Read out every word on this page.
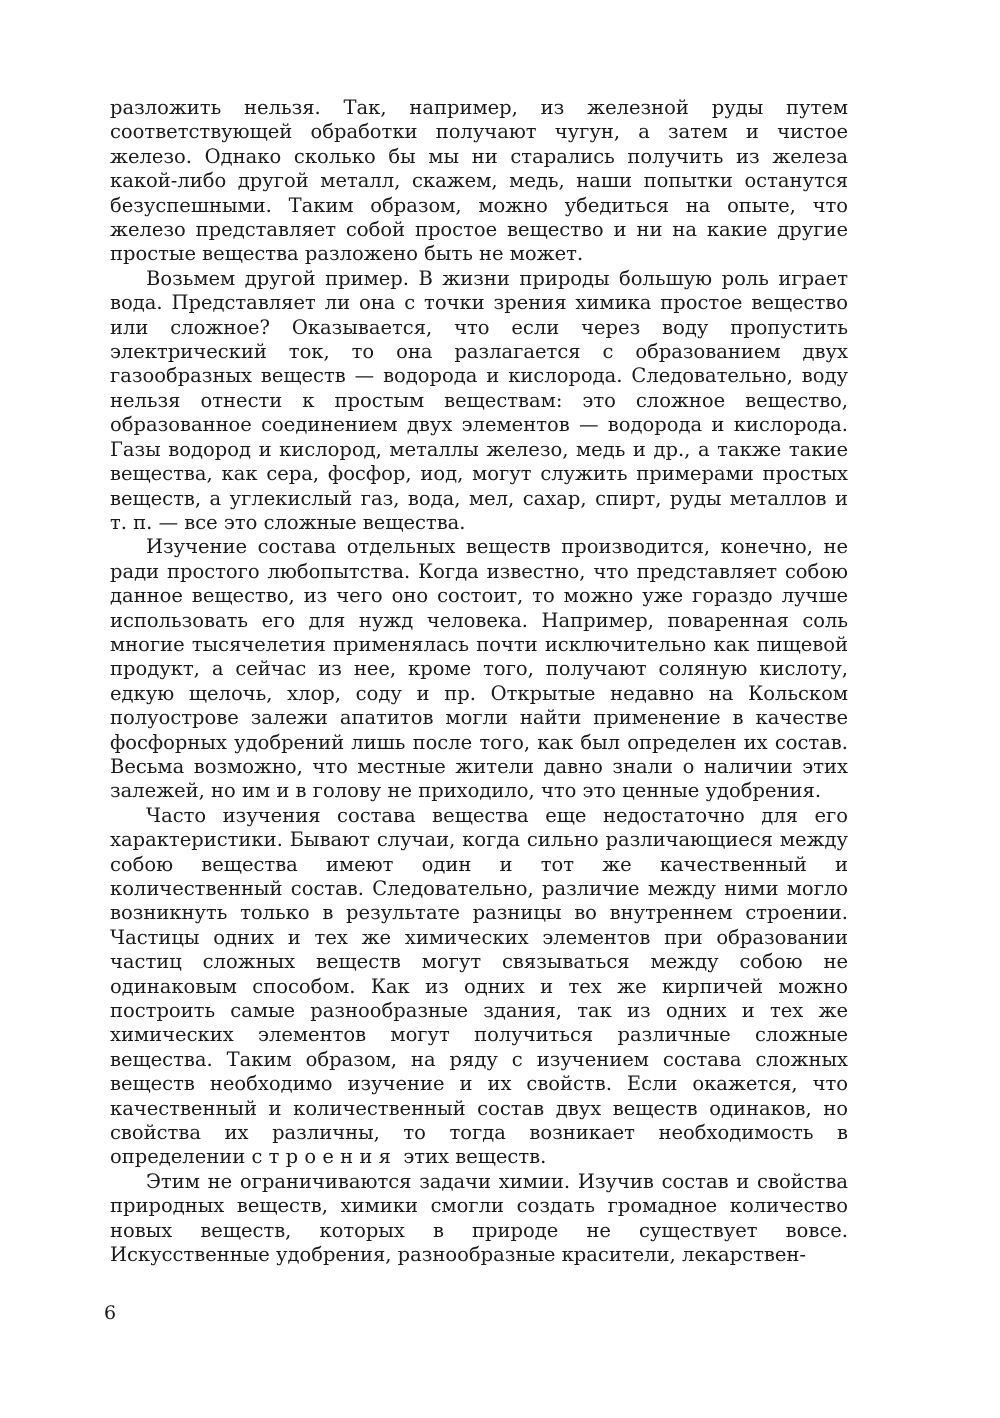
разложить нельзя. Так, например, из железной руды путем соответствующей обработки получают чугун, а затем и чистое железо. Однако сколько бы мы ни старались получить из железа какой-либо другой металл, скажем, медь, наши попытки останутся безуспешными. Таким образом, можно убедиться на опыте, что железо представляет собой простое вещество и ни на какие другие простые вещества разложено быть не может.

Возьмем другой пример. В жизни природы большую роль играет вода. Представляет ли она с точки зрения химика простое вещество или сложное? Оказывается, что если через воду пропустить электрический ток, то она разлагается с образованием двух газообразных веществ — водорода и кислорода. Следовательно, воду нельзя отнести к простым веществам: это сложное вещество, образованное соединением двух элементов — водорода и кислорода. Газы водород и кислород, металлы железо, медь и др., а также такие вещества, как сера, фосфор, иод, могут служить примерами простых веществ, а углекислый газ, вода, мел, сахар, спирт, руды металлов и т. п. — все это сложные вещества.

Изучение состава отдельных веществ производится, конечно, не ради простого любопытства. Когда известно, что представляет собою данное вещество, из чего оно состоит, то можно уже гораздо лучше использовать его для нужд человека. Например, поваренная соль многие тысячелетия применялась почти исключительно как пищевой продукт, а сейчас из нее, кроме того, получают соляную кислоту, едкую щелочь, хлор, соду и пр. Открытые недавно на Кольском полуострове залежи апатитов могли найти применение в качестве фосфорных удобрений лишь после того, как был определен их состав. Весьма возможно, что местные жители давно знали о наличии этих залежей, но им и в голову не приходило, что это ценные удобрения.

Часто изучения состава вещества еще недостаточно для его характеристики. Бывают случаи, когда сильно различающиеся между собою вещества имеют один и тот же качественный и количественный состав. Следовательно, различие между ними могло возникнуть только в результате разницы во внутреннем строении. Частицы одних и тех же химических элементов при образовании частиц сложных веществ могут связываться между собою не одинаковым способом. Как из одних и тех же кирпичей можно построить самые разнообразные здания, так из одних и тех же химических элементов могут получиться различные сложные вещества. Таким образом, на ряду с изучением состава сложных веществ необходимо изучение и их свойств. Если окажется, что качественный и количественный состав двух веществ одинаков, но свойства их различны, то тогда возникает необходимость в определении строения этих веществ.

Этим не ограничиваются задачи химии. Изучив состав и свойства природных веществ, химики смогли создать громадное количество новых веществ, которых в природе не существует вовсе. Искусственные удобрения, разнообразные красители, лекарствен-

6
